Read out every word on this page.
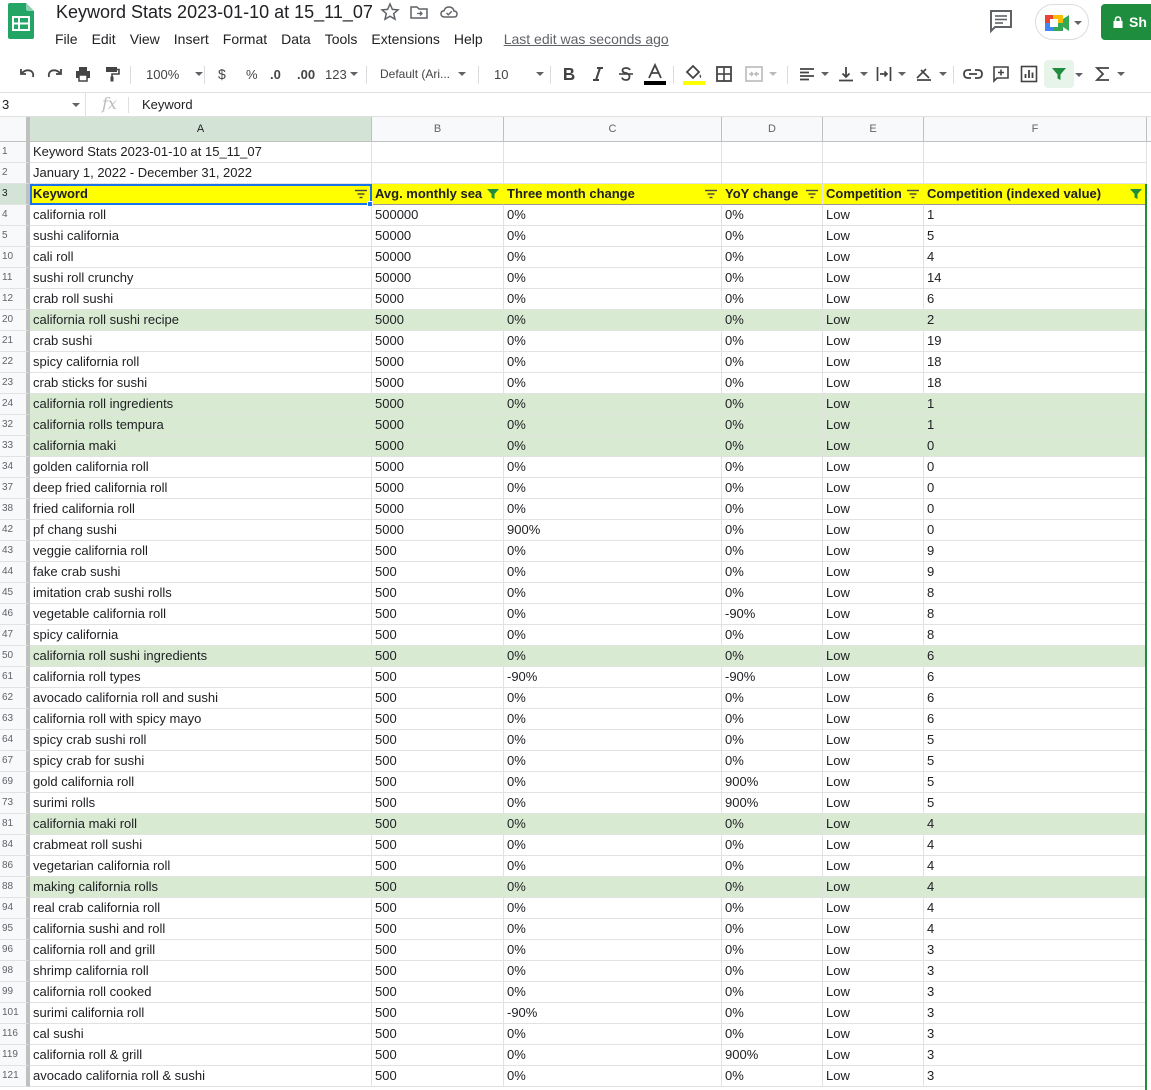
Keyword Stats 2023-01-10 at 15_11_07
File	Edit	View	Insert	Format	Data	Tools	Extensions	Help	Last edit was seconds ago
Sh
100%	$ % .0 .00 123	Default (Ari...	10
3	fx Keyword
A	B	C	D	E	F
1	Keyword Stats 2023-01-10 at 15_11_07
2	January 1, 2022 - December 31, 2022
3	Keyword	Avg. monthly sea	Three month change	YoY change	Competition	Competition (indexed value)
4	california roll	500000	0%	0%	Low	1
5	sushi california	50000	0%	0%	Low	5
10	cali roll	50000	0%	0%	Low	4
11	sushi roll crunchy	50000	0%	0%	Low	14
12	crab roll sushi	5000	0%	0%	Low	6
20	california roll sushi recipe	5000	0%	0%	Low	2
21	crab sushi	5000	0%	0%	Low	19
22	spicy california roll	5000	0%	0%	Low	18
23	crab sticks for sushi	5000	0%	0%	Low	18
24	california roll ingredients	5000	0%	0%	Low	1
32	california rolls tempura	5000	0%	0%	Low	1
33	california maki	5000	0%	0%	Low	0
34	golden california roll	5000	0%	0%	Low	0
37	deep fried california roll	5000	0%	0%	Low	0
38	fried california roll	5000	0%	0%	Low	0
42	pf chang sushi	5000	900%	0%	Low	0
43	veggie california roll	500	0%	0%	Low	9
44	fake crab sushi	500	0%	0%	Low	9
45	imitation crab sushi rolls	500	0%	0%	Low	8
46	vegetable california roll	500	0%	-90%	Low	8
47	spicy california	500	0%	0%	Low	8
50	california roll sushi ingredients	500	0%	0%	Low	6
61	california roll types	500	-90%	-90%	Low	6
62	avocado california roll and sushi	500	0%	0%	Low	6
63	california roll with spicy mayo	500	0%	0%	Low	6
64	spicy crab sushi roll	500	0%	0%	Low	5
67	spicy crab for sushi	500	0%	0%	Low	5
69	gold california roll	500	0%	900%	Low	5
73	surimi rolls	500	0%	900%	Low	5
81	california maki roll	500	0%	0%	Low	4
84	crabmeat roll sushi	500	0%	0%	Low	4
86	vegetarian california roll	500	0%	0%	Low	4
88	making california rolls	500	0%	0%	Low	4
94	real crab california roll	500	0%	0%	Low	4
95	california sushi and roll	500	0%	0%	Low	4
96	california roll and grill	500	0%	0%	Low	3
98	shrimp california roll	500	0%	0%	Low	3
99	california roll cooked	500	0%	0%	Low	3
101	surimi california roll	500	-90%	0%	Low	3
116	cal sushi	500	0%	0%	Low	3
119	california roll & grill	500	0%	900%	Low	3
121	avocado california roll & sushi	500	0%	0%	Low	3
